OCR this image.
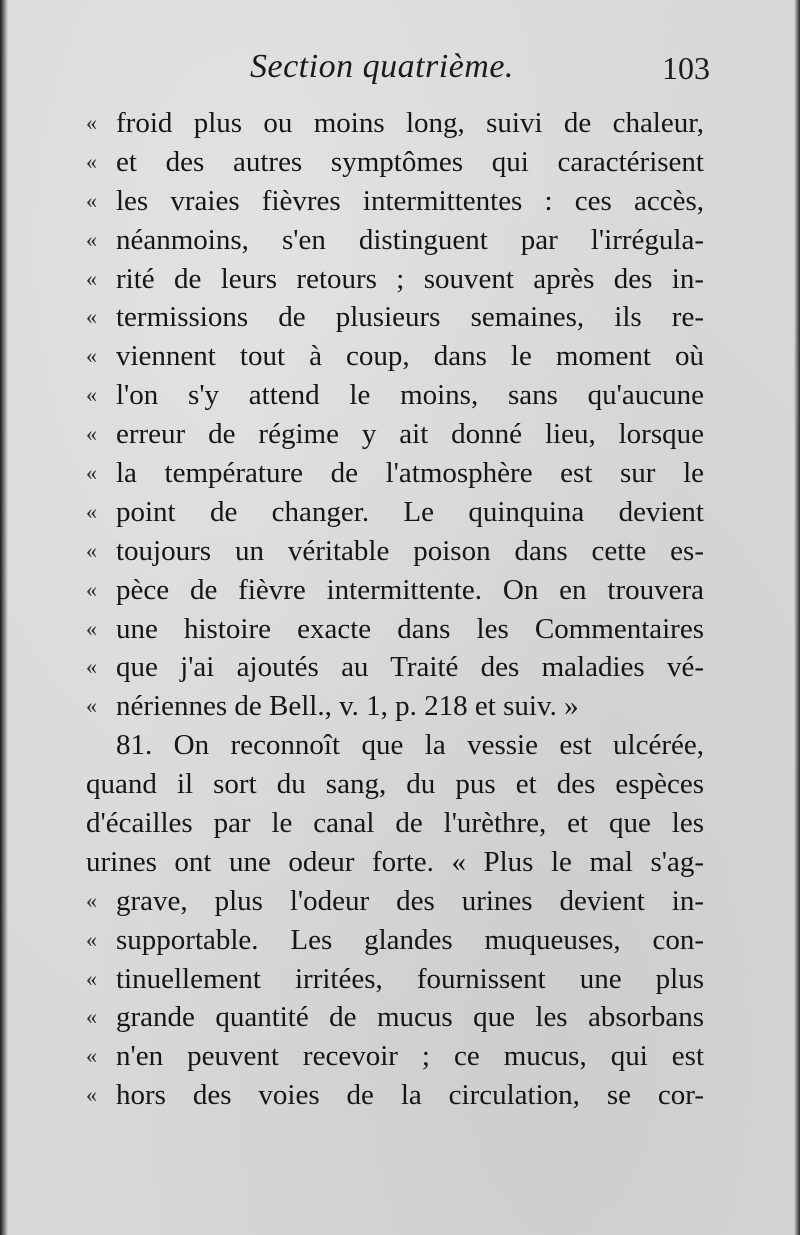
Section quatrième.	103
« froid plus ou moins long, suivi de chaleur,
« et des autres symptômes qui caractérisent
« les vraies fièvres intermittentes : ces accès,
« néanmoins, s'en distinguent par l'irrégula-
« rité de leurs retours ; souvent après des in-
« termissions de plusieurs semaines, ils re-
« viennent tout à coup, dans le moment où
« l'on s'y attend le moins, sans qu'aucune
« erreur de régime y ait donné lieu, lorsque
« la température de l'atmosphère est sur le
« point de changer. Le quinquina devient
« toujours un véritable poison dans cette es-
« pèce de fièvre intermittente. On en trouvera
« une histoire exacte dans les Commentaires
« que j'ai ajoutés au Traité des maladies vé-
« nériennes de Bell., v. 1, p. 218 et suiv. »
81. On reconnoît que la vessie est ulcérée,
quand il sort du sang, du pus et des espèces
d'écailles par le canal de l'urèthre, et que les
urines ont une odeur forte. « Plus le mal s'ag-
« grave, plus l'odeur des urines devient in-
« supportable. Les glandes muqueuses, con-
« tinuellement irritées, fournissent une plus
« grande quantité de mucus que les absorbans
« n'en peuvent recevoir ; ce mucus, qui est
« hors des voies de la circulation, se cor-
